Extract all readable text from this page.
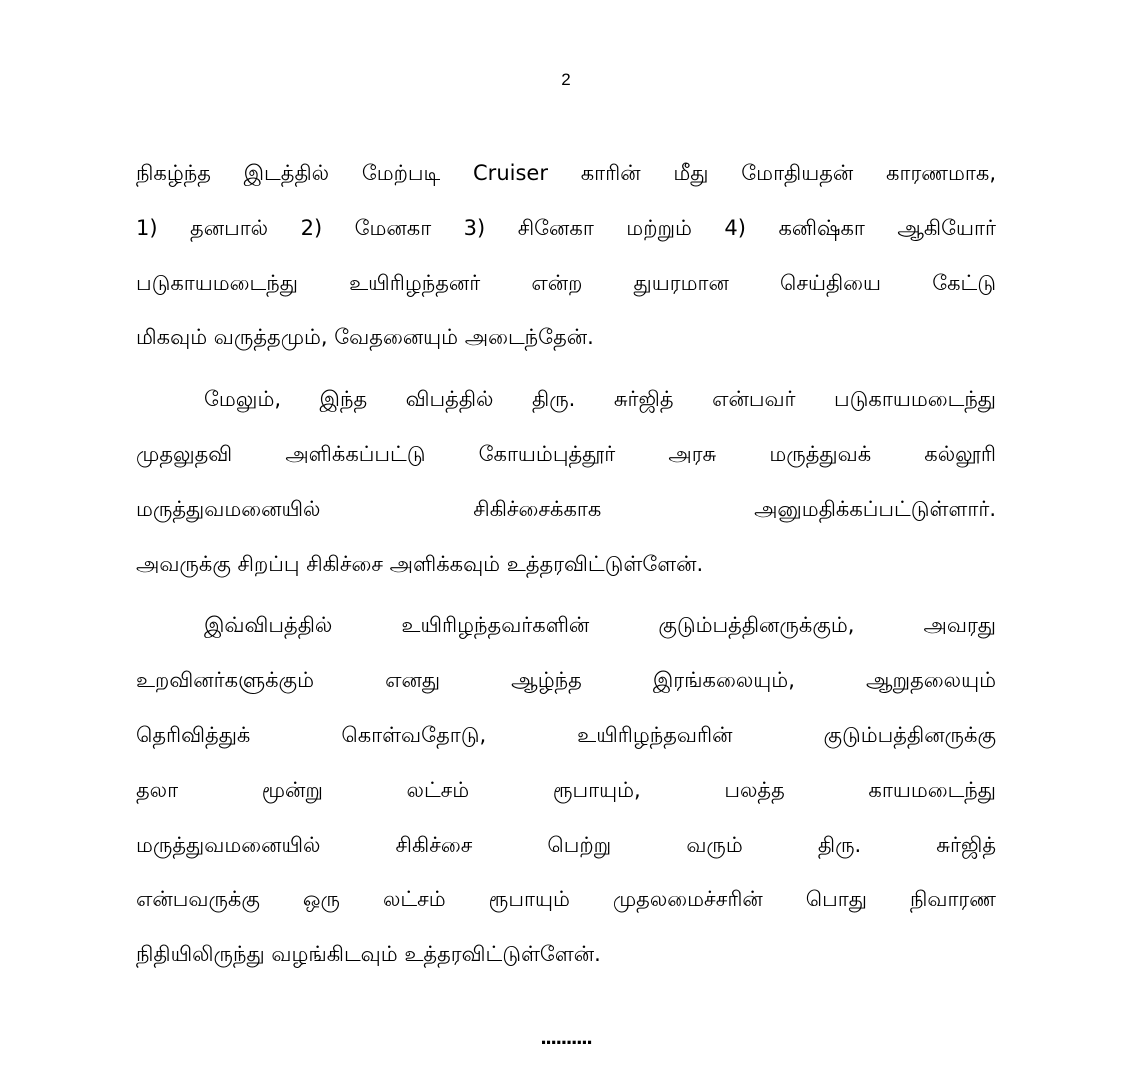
2

நிகழ்ந்த இடத்தில் மேற்படி Cruiser காரின் மீது மோதியதன் காரணமாக,
1) தனபால் 2) மேனகா 3) சினேகா மற்றும் 4) கனிஷ்கா ஆகியோர்
படுகாயமடைந்து உயிரிழந்தனர் என்ற துயரமான செய்தியை கேட்டு
மிகவும் வருத்தமும், வேதனையும் அடைந்தேன்.

மேலும், இந்த விபத்தில் திரு. சுர்ஜித் என்பவர் படுகாயமடைந்து
முதலுதவி அளிக்கப்பட்டு கோயம்புத்தூர் அரசு மருத்துவக் கல்லூரி
மருத்துவமனையில் சிகிச்சைக்காக அனுமதிக்கப்பட்டுள்ளார்.
அவருக்கு சிறப்பு சிகிச்சை அளிக்கவும் உத்தரவிட்டுள்ளேன்.

இவ்விபத்தில் உயிரிழந்தவர்களின் குடும்பத்தினருக்கும், அவரது
உறவினர்களுக்கும் எனது ஆழ்ந்த இரங்கலையும், ஆறுதலையும்
தெரிவித்துக் கொள்வதோடு, உயிரிழந்தவரின் குடும்பத்தினருக்கு
தலா மூன்று லட்சம் ரூபாயும், பலத்த காயமடைந்து
மருத்துவமனையில் சிகிச்சை பெற்று வரும் திரு. சுர்ஜித்
என்பவருக்கு ஒரு லட்சம் ரூபாயும் முதலமைச்சரின் பொது நிவாரண
நிதியிலிருந்து வழங்கிடவும் உத்தரவிட்டுள்ளேன்.

..........
